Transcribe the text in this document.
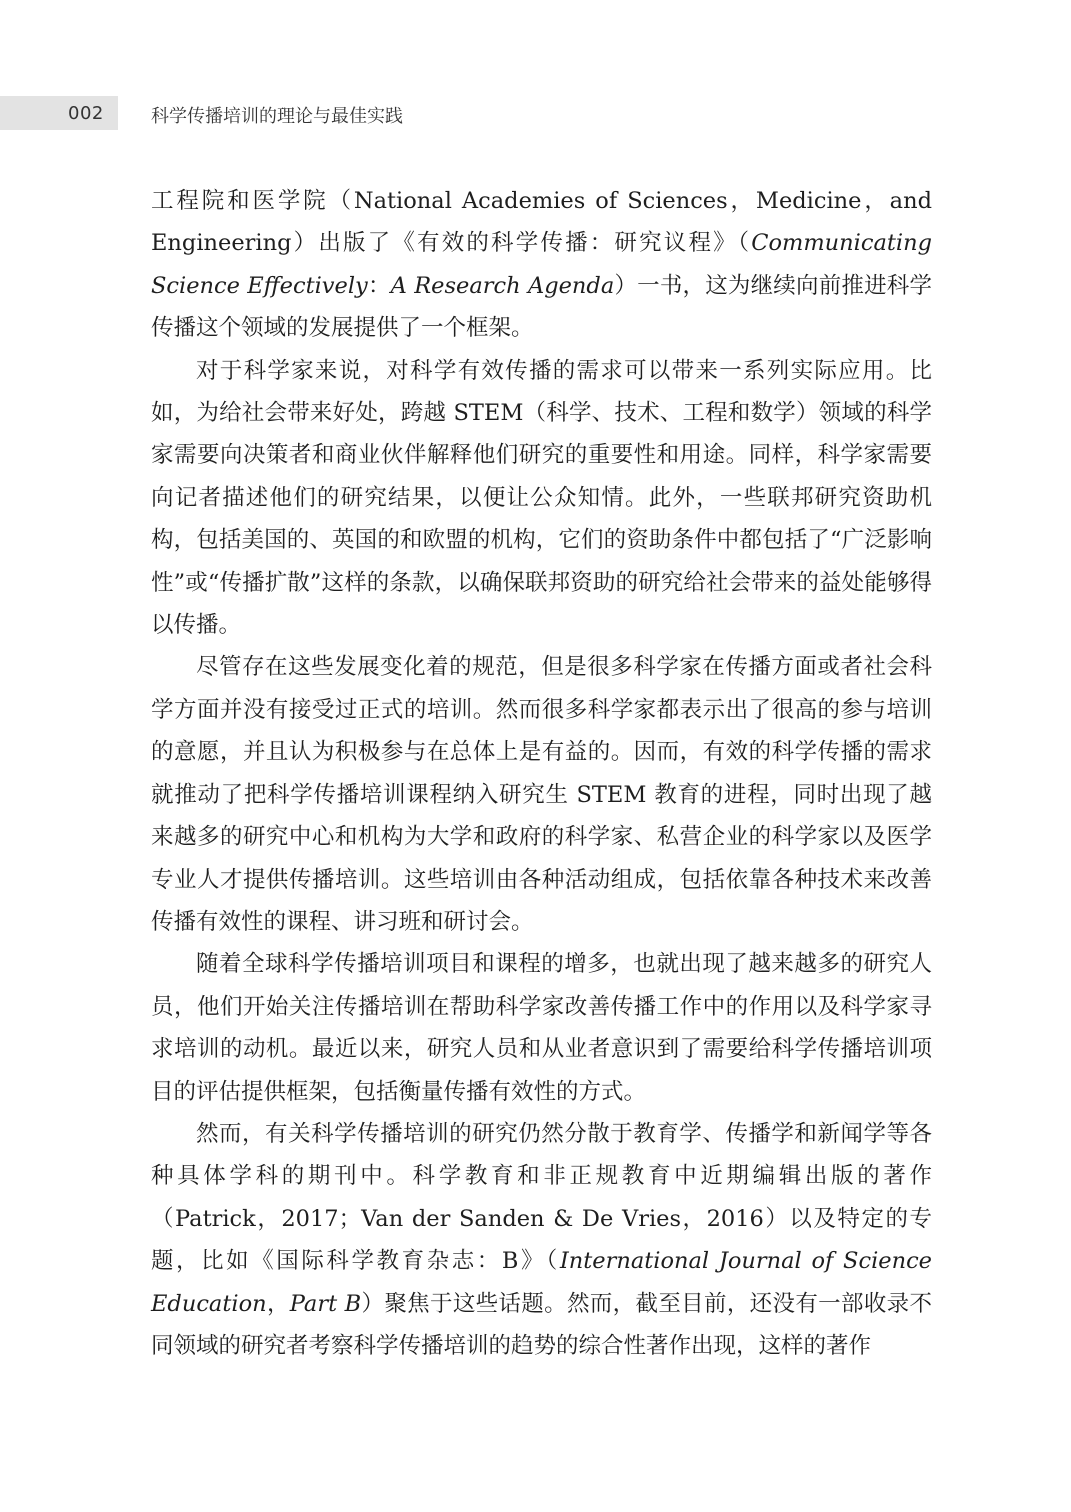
002	科学传播培训的理论与最佳实践

工程院和医学院（National Academies of Sciences，Medicine，and Engineering）出版了《有效的科学传播：研究议程》（Communicating Science Effectively：A Research Agenda）一书，这为继续向前推进科学传播这个领域的发展提供了一个框架。

对于科学家来说，对科学有效传播的需求可以带来一系列实际应用。比如，为给社会带来好处，跨越 STEM（科学、技术、工程和数学）领域的科学家需要向决策者和商业伙伴解释他们研究的重要性和用途。同样，科学家需要向记者描述他们的研究结果，以便让公众知情。此外，一些联邦研究资助机构，包括美国的、英国的和欧盟的机构，它们的资助条件中都包括了“广泛影响性”或“传播扩散”这样的条款，以确保联邦资助的研究给社会带来的益处能够得以传播。

尽管存在这些发展变化着的规范，但是很多科学家在传播方面或者社会科学方面并没有接受过正式的培训。然而很多科学家都表示出了很高的参与培训的意愿，并且认为积极参与在总体上是有益的。因而，有效的科学传播的需求就推动了把科学传播培训课程纳入研究生 STEM 教育的进程，同时出现了越来越多的研究中心和机构为大学和政府的科学家、私营企业的科学家以及医学专业人才提供传播培训。这些培训由各种活动组成，包括依靠各种技术来改善传播有效性的课程、讲习班和研讨会。

随着全球科学传播培训项目和课程的增多，也就出现了越来越多的研究人员，他们开始关注传播培训在帮助科学家改善传播工作中的作用以及科学家寻求培训的动机。最近以来，研究人员和从业者意识到了需要给科学传播培训项目的评估提供框架，包括衡量传播有效性的方式。

然而，有关科学传播培训的研究仍然分散于教育学、传播学和新闻学等各种具体学科的期刊中。科学教育和非正规教育中近期编辑出版的著作（Patrick，2017；Van der Sanden & De Vries，2016）以及特定的专题，比如《国际科学教育杂志：B》（International Journal of Science Education，Part B）聚焦于这些话题。然而，截至目前，还没有一部收录不同领域的研究者考察科学传播培训的趋势的综合性著作出现，这样的著作
